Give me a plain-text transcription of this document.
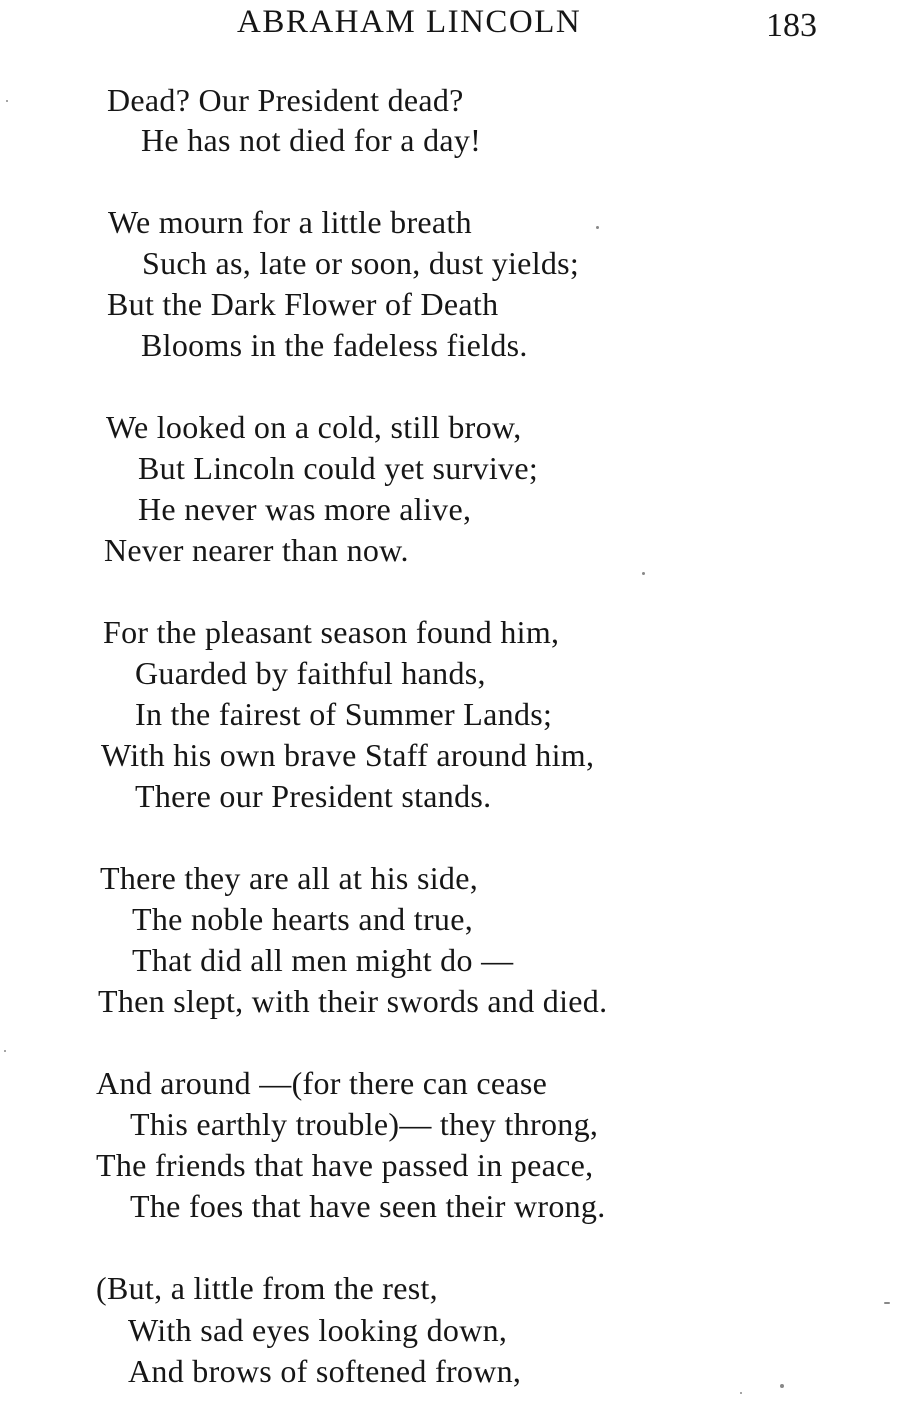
ABRAHAM LINCOLN	183
Dead? Our President dead?
He has not died for a day!
We mourn for a little breath
Such as, late or soon, dust yields;
But the Dark Flower of Death
Blooms in the fadeless fields.
We looked on a cold, still brow,
But Lincoln could yet survive;
He never was more alive,
Never nearer than now.
For the pleasant season found him,
Guarded by faithful hands,
In the fairest of Summer Lands;
With his own brave Staff around him,
There our President stands.
There they are all at his side,
The noble hearts and true,
That did all men might do —
Then slept, with their swords and died.
And around —(for there can cease
This earthly trouble)— they throng,
The friends that have passed in peace,
The foes that have seen their wrong.
(But, a little from the rest,
With sad eyes looking down,
And brows of softened frown,
